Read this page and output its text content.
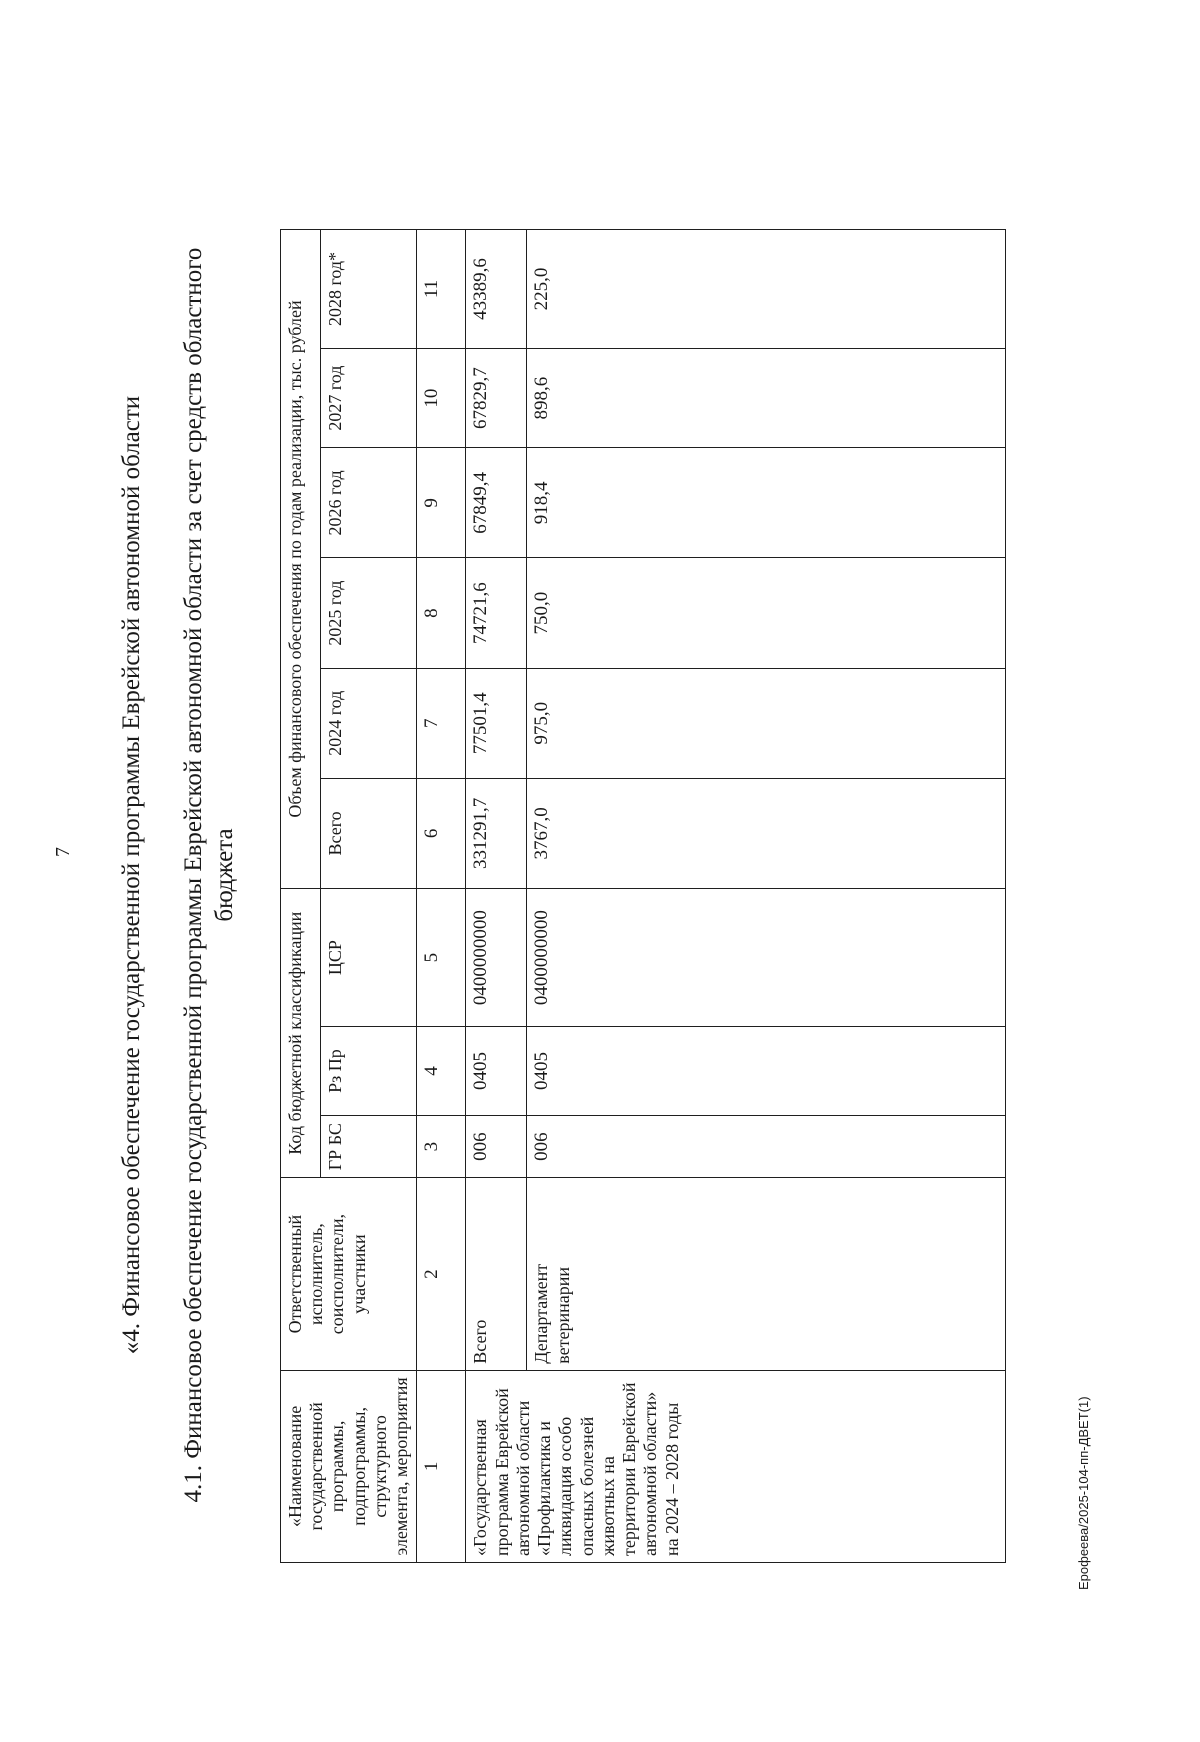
7 «4. Финансовое обеспечение государственной программы Еврейской автономной области 4.1. Финансовое обеспечение государственной программы Еврейской автономной области за счет средств областного бюджета
«Наименование государственной программы, подпрограммы, структурного элемента, мероприятия	Ответственный исполнитель, соисполнители, участники	Код бюджетной классификации			Объем финансового обеспечения по годам реализации, тыс. рублей					
		ГР БС	Рз Пр	ЦСР	Всего	2024 год	2025 год	2026 год	2027 год	2028 год*
1	2	3	4	5	6	7	8	9	10	11
«Государственная программа Еврейской автономной области «Профилактика и ликвидация особо опасных болезней животных на территории Еврейской автономной области» на 2024 – 2028 годы	Всего	006	0405	0400000000	331291,7	77501,4	74721,6	67849,4	67829,7	43389,6
	Департамент ветеринарии	006	0405	0400000000	3767,0	975,0	750,0	918,4	898,6	225,0
Ерофеева/2025-104-пп-ДВЕТ(1)
